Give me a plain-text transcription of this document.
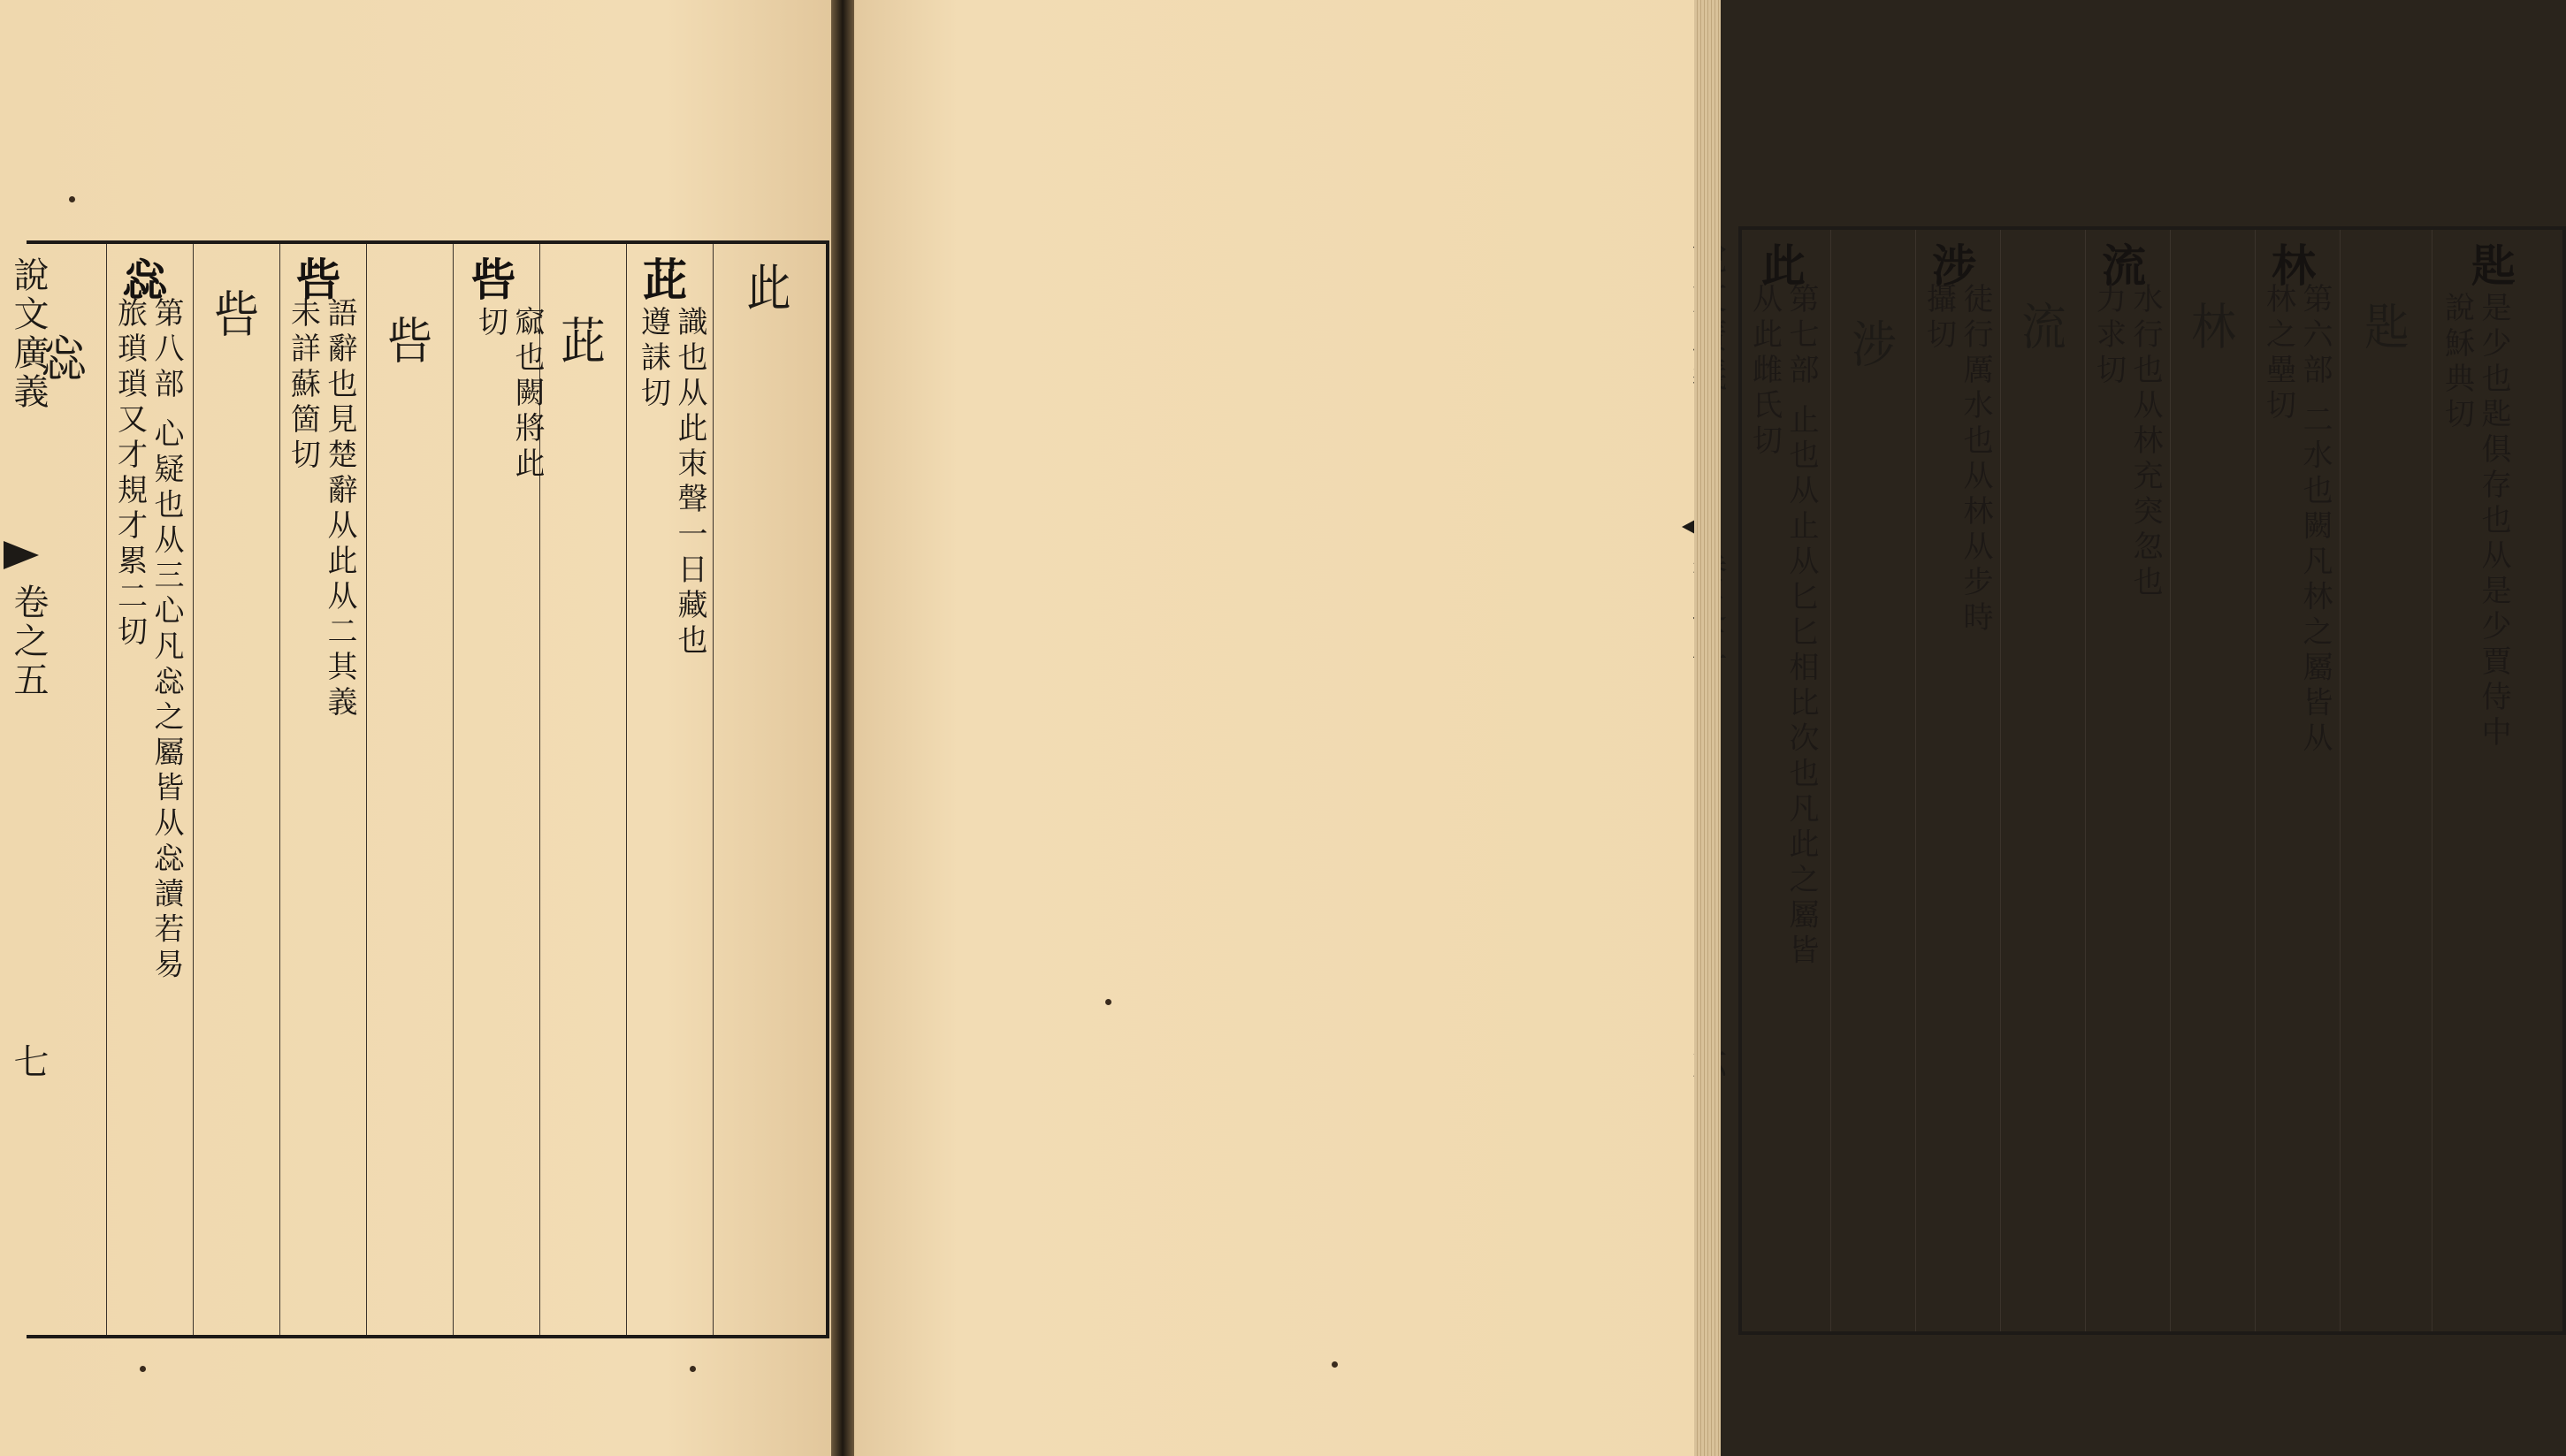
說文廣義
卷之五
七
此
茈
識也从此朿聲一日藏也遵誄切
茈
呰
窳也闕將此切
呰
呰
語辭也見楚辭从此从二其義未詳蘇箇切
呰
惢
第八部 心疑也从三心凡惢之屬皆从惢讀若易旅瑣瑣又才規才累二切
惢
匙
是少也匙俱存也从是少賈侍中說穌典切
匙
林
第六部 二水也闕凡林之屬皆从林之壘切
林
流
水行也从林充突忽也力求切
流
涉
徒行厲水也从林从步時攝切
涉
此
第七部 止也从止从匕匕相比次也凡此之屬皆从此雌氏切
